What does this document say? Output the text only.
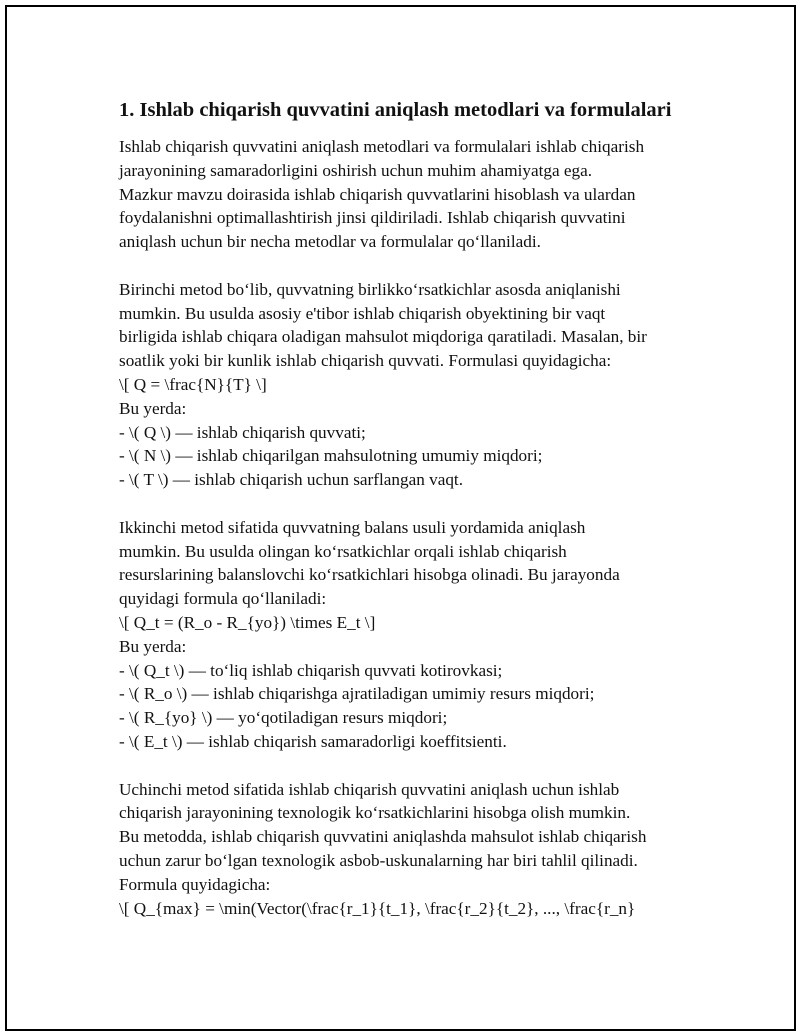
1. Ishlab chiqarish quvvatini aniqlash metodlari va formulalari
Ishlab chiqarish quvvatini aniqlash metodlari va formulalari ishlab chiqarish
jarayonining samaradorligini oshirish uchun muhim ahamiyatga ega.
Mazkur mavzu doirasida ishlab chiqarish quvvatlarini hisoblash va ulardan
foydalanishni optimallashtirish jinsi qildiriladi. Ishlab chiqarish quvvatini
aniqlash uchun bir necha metodlar va formulalar qo‘llaniladi.
Birinchi metod bo‘lib, quvvatning birlikko‘rsatkichlar asosda aniqlanishi
mumkin. Bu usulda asosiy e'tibor ishlab chiqarish obyektining bir vaqt
birligida ishlab chiqara oladigan mahsulot miqdoriga qaratiladi. Masalan, bir
soatlik yoki bir kunlik ishlab chiqarish quvvati. Formulasi quyidagicha:
\[ Q = \frac{N}{T} \]
Bu yerda:
- \( Q \) — ishlab chiqarish quvvati;
- \( N \) — ishlab chiqarilgan mahsulotning umumiy miqdori;
- \( T \) — ishlab chiqarish uchun sarflangan vaqt.
Ikkinchi metod sifatida quvvatning balans usuli yordamida aniqlash
mumkin. Bu usulda olingan ko‘rsatkichlar orqali ishlab chiqarish
resurslarining balanslovchi ko‘rsatkichlari hisobga olinadi. Bu jarayonda
quyidagi formula qo‘llaniladi:
\[ Q_t = (R_o - R_{yo}) \times E_t \]
Bu yerda:
- \( Q_t \) — to‘liq ishlab chiqarish quvvati kotirovkasi;
- \( R_o \) — ishlab chiqarishga ajratiladigan umimiy resurs miqdori;
- \( R_{yo} \) — yo‘qotiladigan resurs miqdori;
- \( E_t \) — ishlab chiqarish samaradorligi koeffitsienti.
Uchinchi metod sifatida ishlab chiqarish quvvatini aniqlash uchun ishlab
chiqarish jarayonining texnologik ko‘rsatkichlarini hisobga olish mumkin.
Bu metodda, ishlab chiqarish quvvatini aniqlashda mahsulot ishlab chiqarish
uchun zarur bo‘lgan texnologik asbob-uskunalarning har biri tahlil qilinadi.
Formula quyidagicha:
\[ Q_{max} = \min(Vector(\frac{r_1}{t_1}, \frac{r_2}{t_2}, ..., \frac{r_n}
